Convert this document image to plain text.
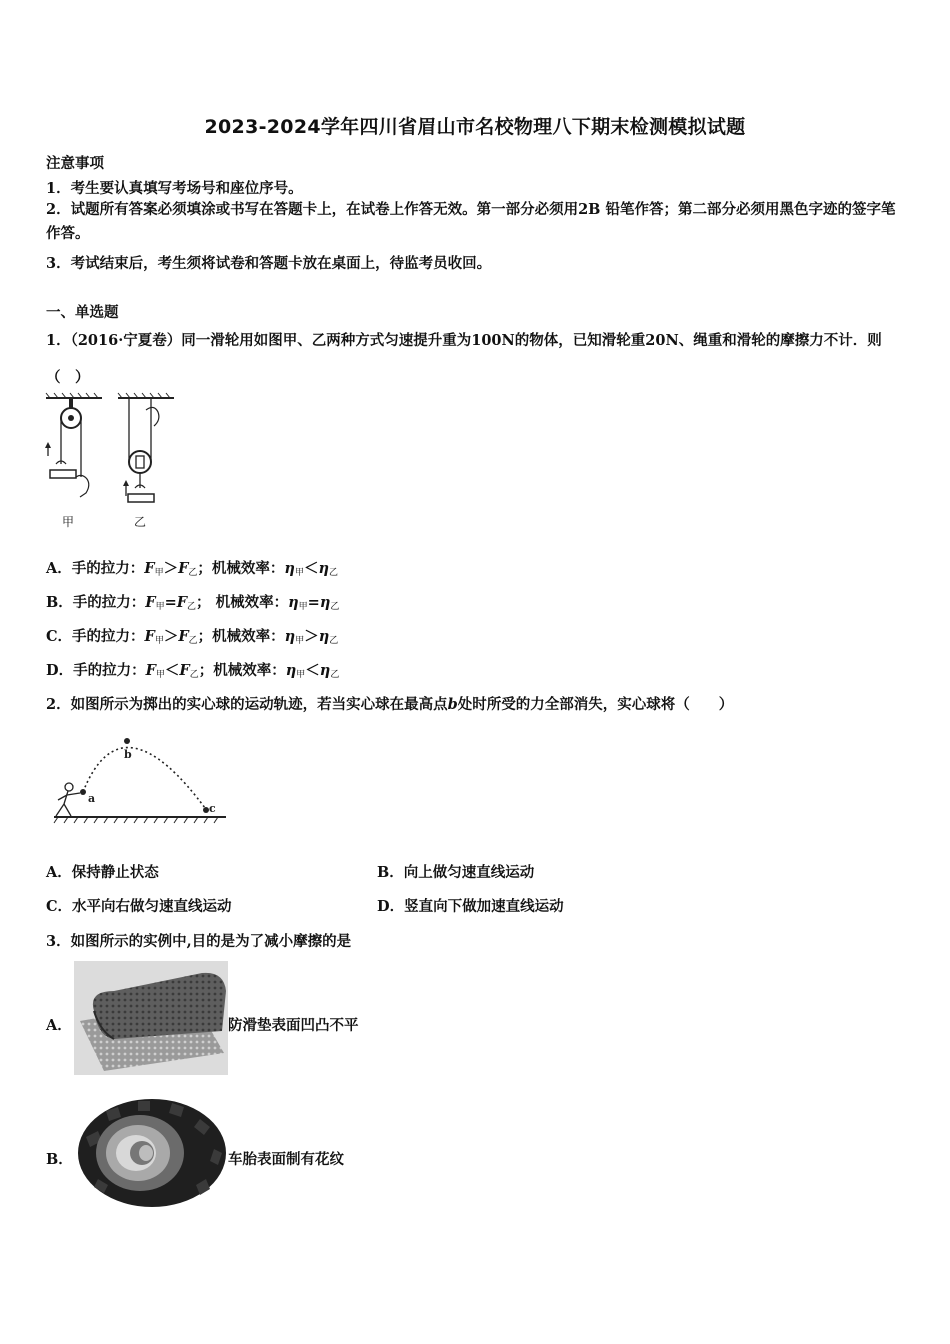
2023-2024学年四川省眉山市名校物理八下期末检测模拟试题
注意事项
1．考生要认真填写考场号和座位序号。
2．试题所有答案必须填涂或书写在答题卡上，在试卷上作答无效。第一部分必须用2B 铅笔作答；第二部分必须用黑色字迹的签字笔作答。
3．考试结束后，考生须将试卷和答题卡放在桌面上，待监考员收回。
一、单选题
1．（2016·宁夏卷）同一滑轮用如图甲、乙两种方式匀速提升重为100N的物体，已知滑轮重20N、绳重和滑轮的摩擦力不计．则（　）
甲	乙
A．手的拉力：$F_甲>F_乙$；机械效率：$\eta_甲<\eta_乙$
B．手的拉力：$F_甲=F_乙$； 机械效率：$\eta_甲=\eta_乙$
C．手的拉力：$F_甲>F_乙$；机械效率：$\eta_甲>\eta_乙$
D．手的拉力：$F_甲<F_乙$；机械效率：$\eta_甲<\eta_乙$
2．如图所示为掷出的实心球的运动轨迹，若当实心球在最高点b处时所受的力全部消失，实心球将（　　）
a
b
c
A．保持静止状态	B．向上做匀速直线运动
C．水平向右做匀速直线运动	D．竖直向下做加速直线运动
3．如图所示的实例中,目的是为了减小摩擦的是
A．	防滑垫表面凹凸不平
B．	车胎表面制有花纹
